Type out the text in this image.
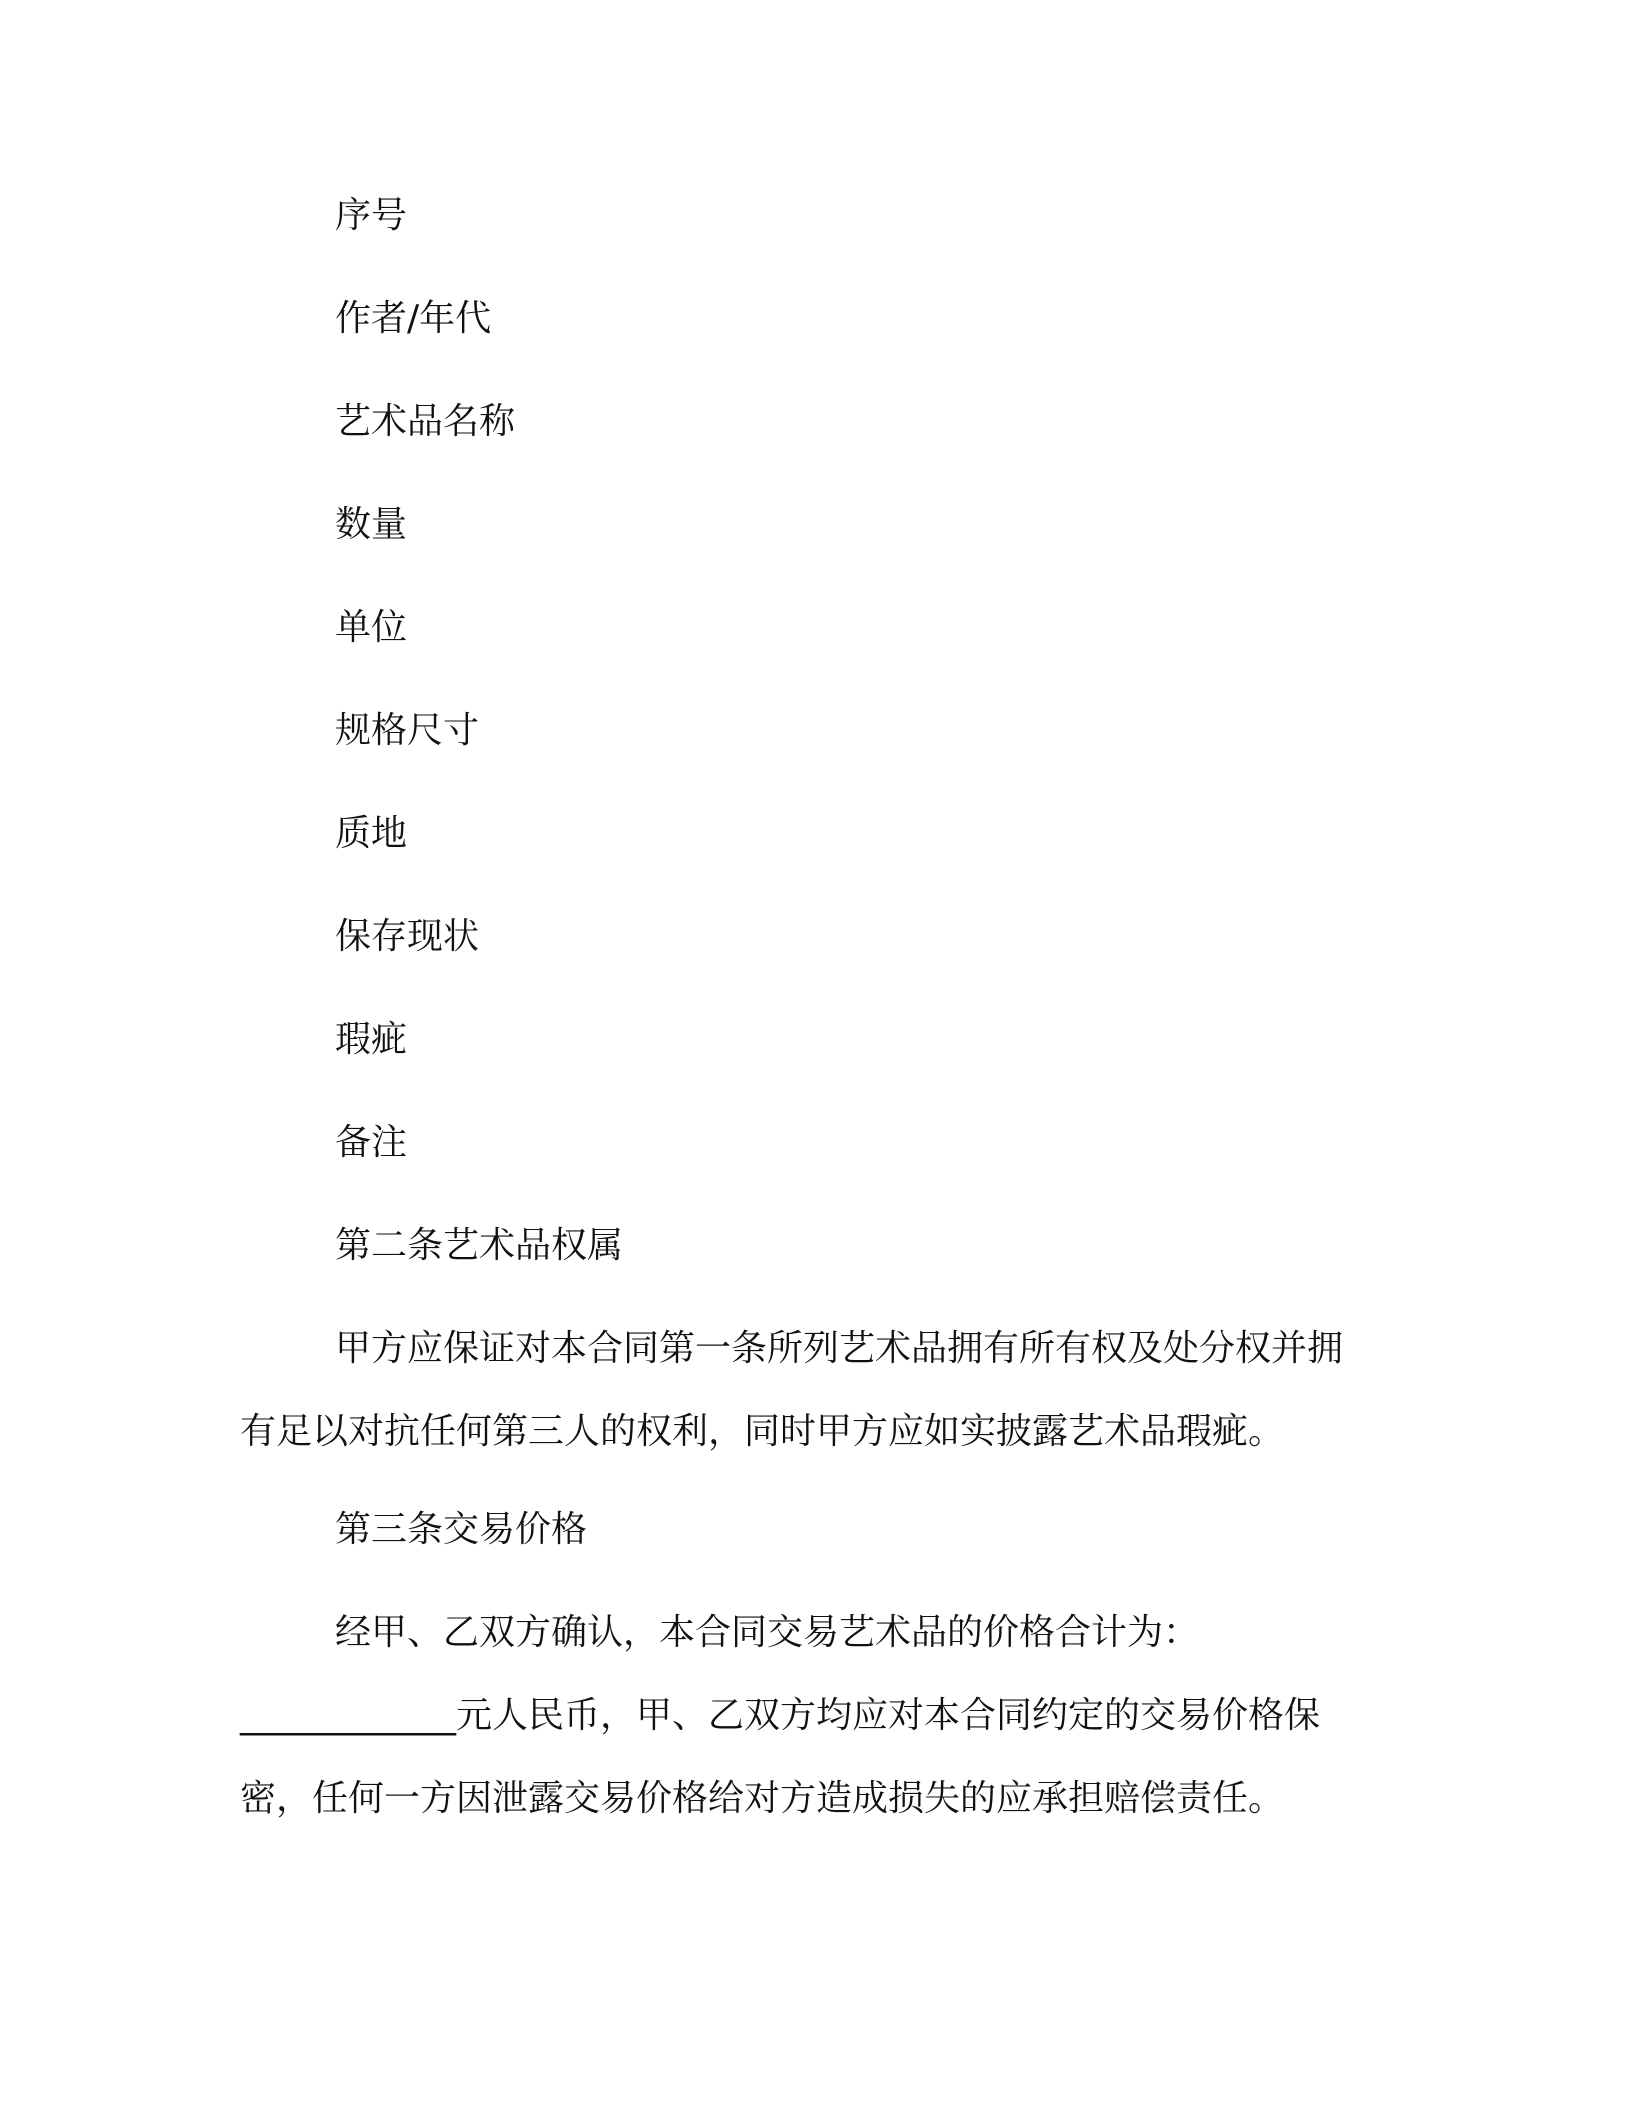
序号

作者/年代

艺术品名称

数量

单位

规格尺寸

质地

保存现状

瑕疵

备注

第二条艺术品权属

甲方应保证对本合同第一条所列艺术品拥有所有权及处分权并拥

有足以对抗任何第三人的权利，同时甲方应如实披露艺术品瑕疵。

第三条交易价格

经甲、乙双方确认，本合同交易艺术品的价格合计为：

____________元人民币，甲、乙双方均应对本合同约定的交易价格保

密，任何一方因泄露交易价格给对方造成损失的应承担赔偿责任。
